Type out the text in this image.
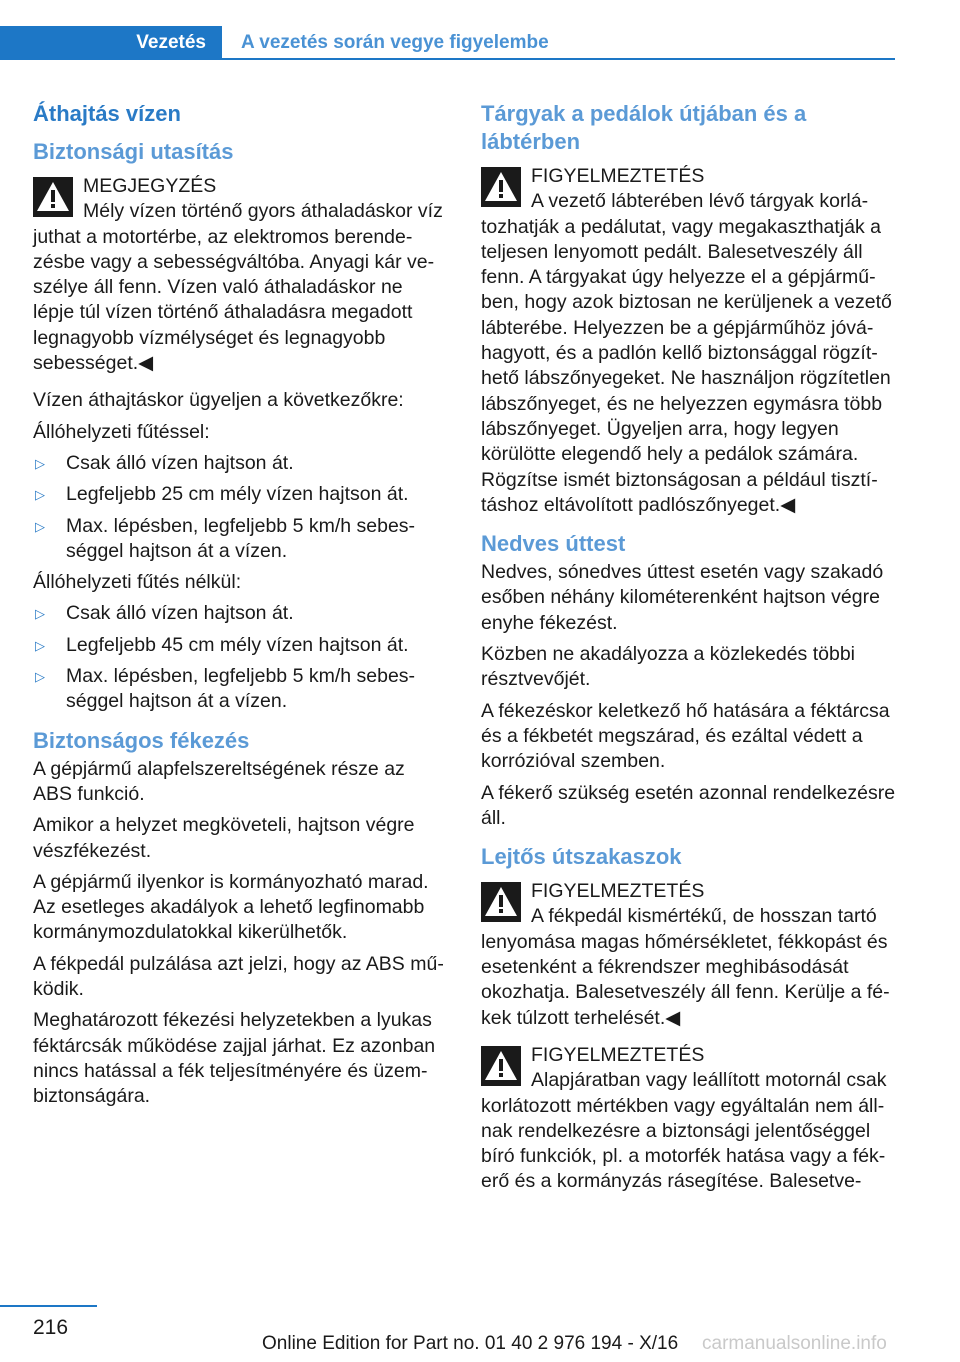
Vezetés	A vezetés során vegye figyelembe
Áthajtás vízen
Biztonsági utasítás
MEGJEGYZÉS
Mély vízen történő gyors áthaladáskor víz juthat a motortérbe, az elektromos berendezésbe vagy a sebességváltóba. Anyagi kár veszélye áll fenn. Vízen való áthaladáskor ne lépje túl vízen történő áthaladásra megadott legnagyobb vízmélységet és legnagyobb sebességet.◀

Vízen áthajtáskor ügyeljen a következőkre:

Állóhelyzeti fűtéssel:

▷ Csak álló vízen hajtson át.
▷ Legfeljebb 25 cm mély vízen hajtson át.
▷ Max. lépésben, legfeljebb 5 km/h sebességgel hajtson át a vízen.

Állóhelyzeti fűtés nélkül:

▷ Csak álló vízen hajtson át.
▷ Legfeljebb 45 cm mély vízen hajtson át.
▷ Max. lépésben, legfeljebb 5 km/h sebességgel hajtson át a vízen.
Biztonságos fékezés

A gépjármű alapfelszereltségének része az ABS funkció.

Amikor a helyzet megköveteli, hajtson végre vészfékezést.

A gépjármű ilyenkor is kormányozható marad. Az esetleges akadályok a lehető legfinomabb kormánymozdulatokkal kikerülhetők.

A fékpedál pulzálása azt jelzi, hogy az ABS működik.

Meghatározott fékezési helyzetekben a lyukas féktárcsák működése zajjal járhat. Ez azonban nincs hatással a fék teljesítményére és üzembiztonságára.

Tárgyak a pedálok útjában és a lábtérben
FIGYELMEZTETÉS
A vezető lábterében lévő tárgyak korlátozhatják a pedálutat, vagy megakaszthatják a teljesen lenyomott pedált. Balesetveszély áll fenn. A tárgyakat úgy helyezze el a gépjárműben, hogy azok biztosan ne kerüljenek a vezető lábterébe. Helyezzen be a gépjárműhöz jóváhagyott, és a padlón kellő biztonsággal rögzíthető lábszőnyegeket. Ne használjon rögzítetlen lábszőnyeget, és ne helyezzen egymásra több lábszőnyeget. Ügyeljen arra, hogy legyen körülötte elegendő hely a pedálok számára. Rögzítse ismét biztonságosan a például tisztításhoz eltávolított padlószőnyeget.◀
Nedves úttest

Nedves, sónedves úttest esetén vagy szakadó esőben néhány kilométerenként hajtson végre enyhe fékezést.

Közben ne akadályozza a közlekedés többi résztvevőjét.

A fékezéskor keletkező hő hatására a féktárcsa és a fékbetét megszárad, és ezáltal védett a korrózióval szemben.

A fékerő szükség esetén azonnal rendelkezésre áll.

Lejtős útszakaszok
FIGYELMEZTETÉS
A fékpedál kismértékű, de hosszan tartó lenyomása magas hőmérsékletet, fékkopást és esetenként a fékrendszer meghibásodását okozhatja. Balesetveszély áll fenn. Kerülje a fékek túlzott terhelését.◀
FIGYELMEZTETÉS
Alapjáratban vagy leállított motornál csak korlátozott mértékben vagy egyáltalán nem állnak rendelkezésre a biztonsági jelentőséggel bíró funkciók, pl. a motorfék hatása vagy a fékerő és a kormányzás rásegítése. Balesetve-
216
Online Edition for Part no. 01 40 2 976 194 - X/16 carmanualsonline.info
